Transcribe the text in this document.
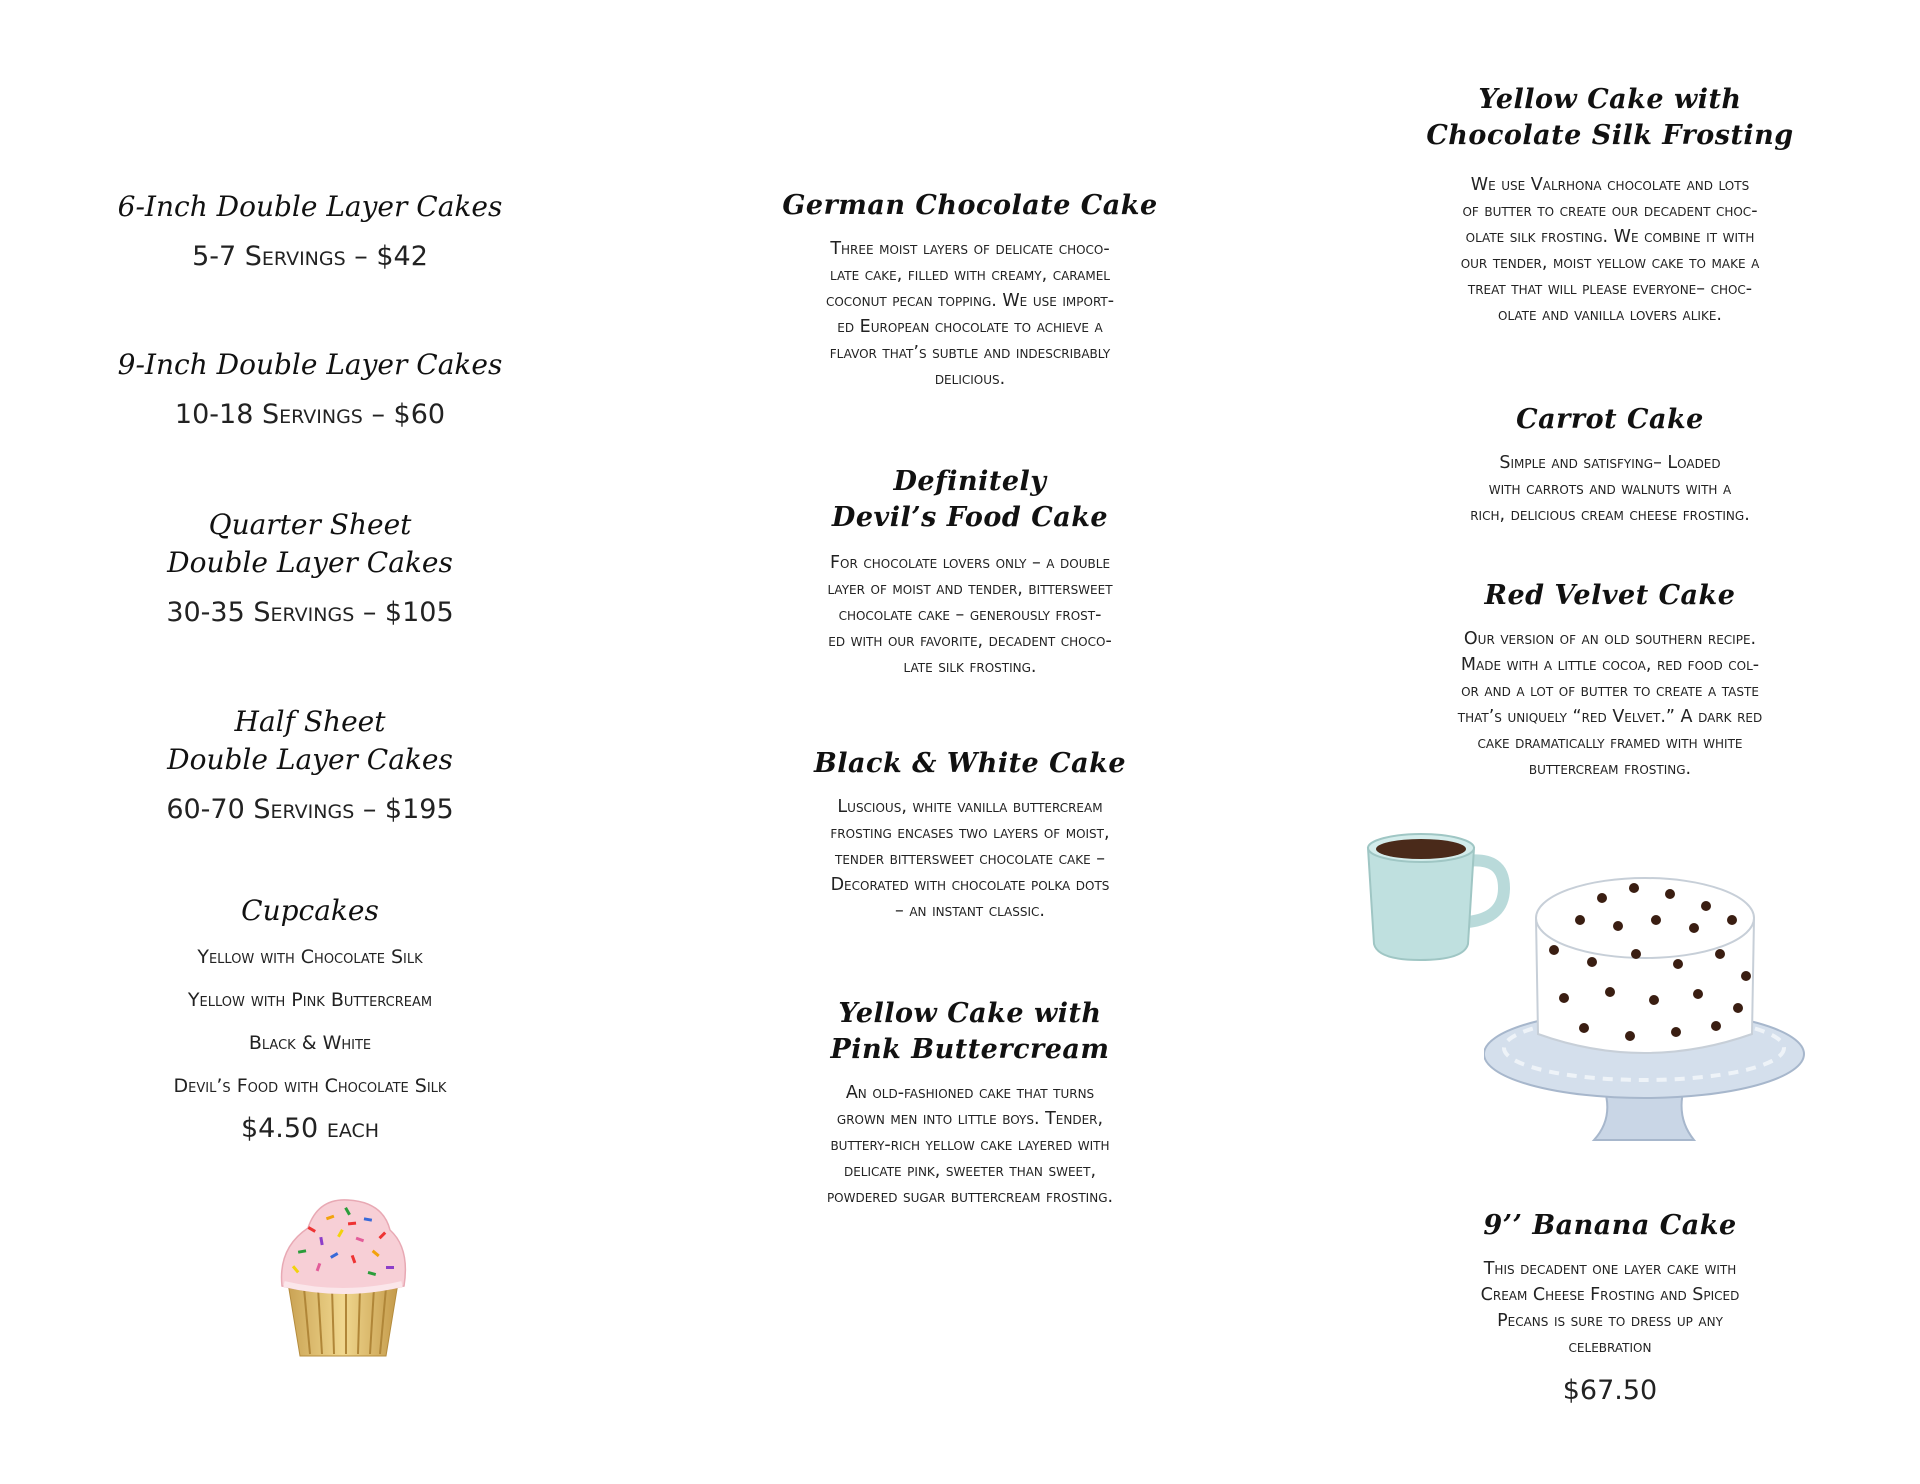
6-Inch Double Layer Cakes

5-7 Servings – $42

9-Inch Double Layer Cakes

10-18 Servings – $60

Quarter Sheet

Double Layer Cakes

30-35 Servings – $105

Half Sheet

Double Layer Cakes

60-70 Servings – $195

Cupcakes

Yellow with Chocolate Silk

Yellow with Pink Buttercream

Black & White

Devil’s Food with Chocolate Silk

$4.50 each

German Chocolate Cake

Three moist layers of delicate choco-

late cake, filled with creamy, caramel

coconut pecan topping. We use import-

ed European chocolate to achieve a

flavor that’s subtle and indescribably

delicious.

Definitely

Devil’s Food Cake

For chocolate lovers only – a double

layer of moist and tender, bittersweet

chocolate cake – generously frost-

ed with our favorite, decadent choco-

late silk frosting.

Black & White Cake

Luscious, white vanilla buttercream

frosting encases two layers of moist,

tender bittersweet chocolate cake –

Decorated with chocolate polka dots

– an instant classic.

Yellow Cake with

Pink Buttercream

An old-fashioned cake that turns

grown men into little boys. Tender,

buttery-rich yellow cake layered with

delicate pink, sweeter than sweet,

powdered sugar buttercream frosting.

Yellow Cake with

Chocolate Silk Frosting

We use Valrhona chocolate and lots

of butter to create our decadent choc-

olate silk frosting. We combine it with

our tender, moist yellow cake to make a

treat that will please everyone– choc-

olate and vanilla lovers alike.

Carrot Cake

Simple and satisfying– Loaded

with carrots and walnuts with a

rich, delicious cream cheese frosting.

Red Velvet Cake

Our version of an old southern recipe.

Made with a little cocoa, red food col-

or and a lot of butter to create a taste

that’s uniquely “red Velvet.” A dark red

cake dramatically framed with white

buttercream frosting.

9’’ Banana Cake

This decadent one layer cake with

Cream Cheese Frosting and Spiced

Pecans is sure to dress up any

celebration

$67.50
